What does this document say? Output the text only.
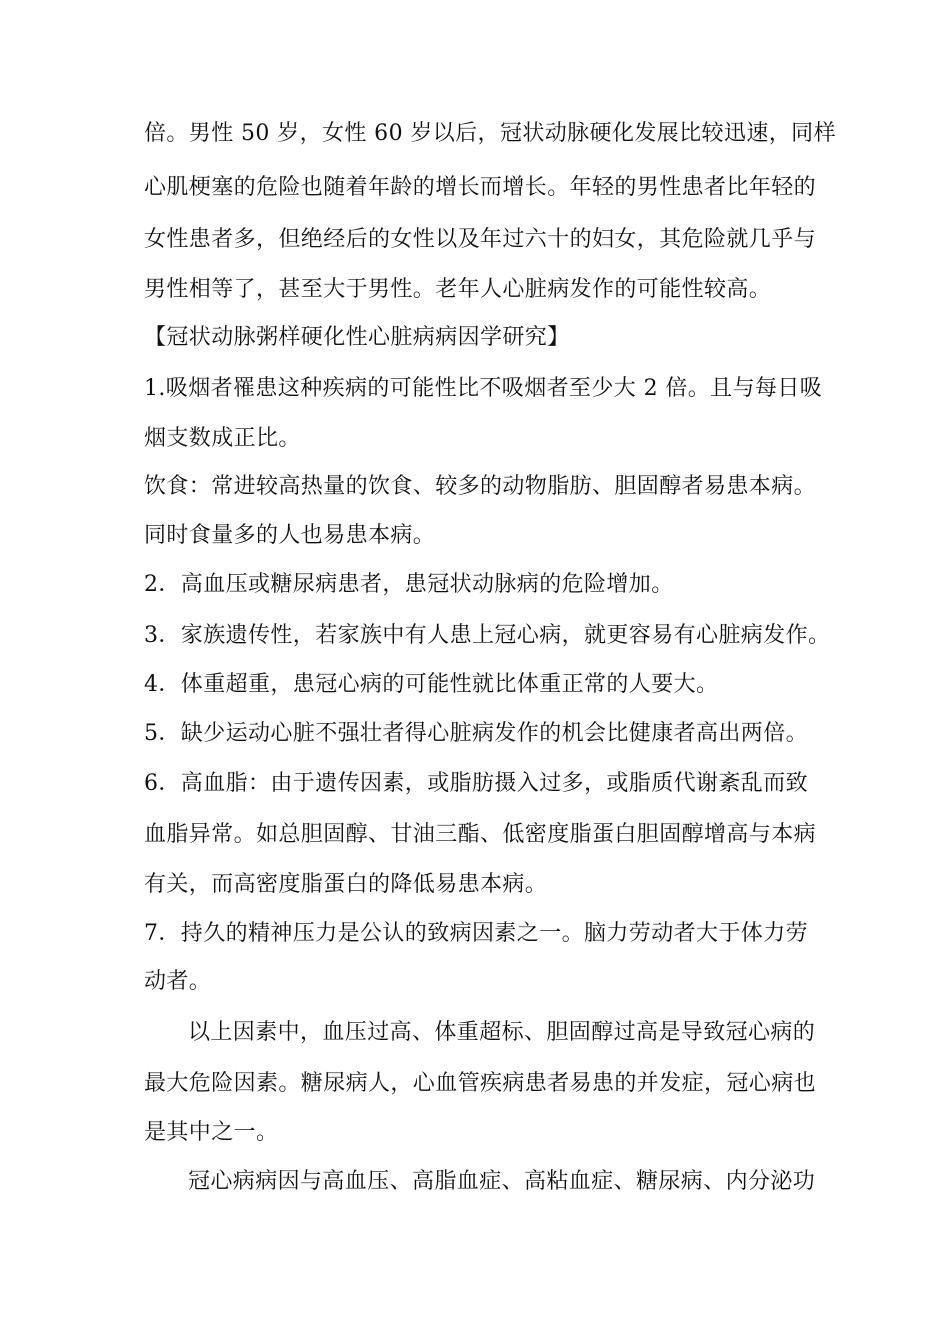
倍。男性 50 岁，女性 60 岁以后，冠状动脉硬化发展比较迅速，同样
心肌梗塞的危险也随着年龄的增长而增长。年轻的男性患者比年轻的
女性患者多，但绝经后的女性以及年过六十的妇女，其危险就几乎与
男性相等了，甚至大于男性。老年人心脏病发作的可能性较高。
【冠状动脉粥样硬化性心脏病病因学研究】
1.吸烟者罹患这种疾病的可能性比不吸烟者至少大 2 倍。且与每日吸
烟支数成正比。
饮食：常进较高热量的饮食、较多的动物脂肪、胆固醇者易患本病。
同时食量多的人也易患本病。
2．高血压或糖尿病患者，患冠状动脉病的危险增加。
3．家族遗传性，若家族中有人患上冠心病，就更容易有心脏病发作。
4．体重超重，患冠心病的可能性就比体重正常的人要大。
5．缺少运动心脏不强壮者得心脏病发作的机会比健康者高出两倍。
6．高血脂：由于遗传因素，或脂肪摄入过多，或脂质代谢紊乱而致
血脂异常。如总胆固醇、甘油三酯、低密度脂蛋白胆固醇增高与本病
有关，而高密度脂蛋白的降低易患本病。
7．持久的精神压力是公认的致病因素之一。脑力劳动者大于体力劳
动者。
以上因素中，血压过高、体重超标、胆固醇过高是导致冠心病的
最大危险因素。糖尿病人，心血管疾病患者易患的并发症，冠心病也
是其中之一。
冠心病病因与高血压、高脂血症、高粘血症、糖尿病、内分泌功
